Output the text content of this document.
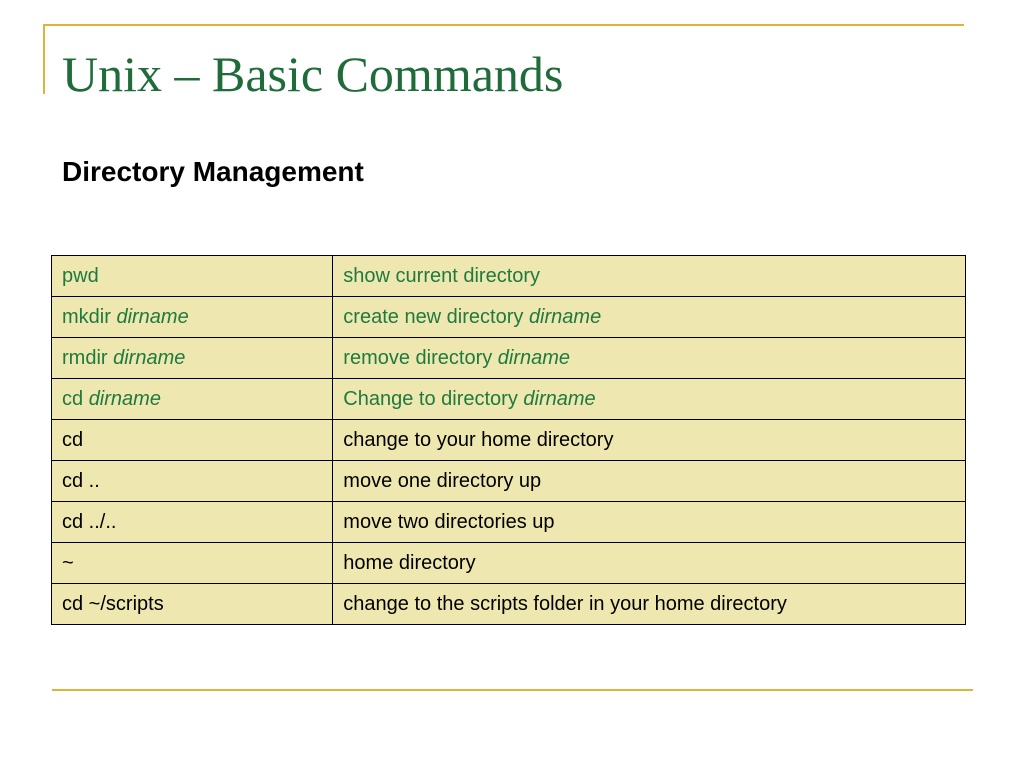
Unix – Basic Commands
Directory Management
pwd	show current directory
mkdir dirname	create new directory dirname
rmdir dirname	remove directory dirname
cd dirname	Change to directory dirname
cd	change to your home directory
cd ..	move one directory up
cd ../..	move two directories up
~	home directory
cd ~/scripts	change to the scripts folder in your home directory
